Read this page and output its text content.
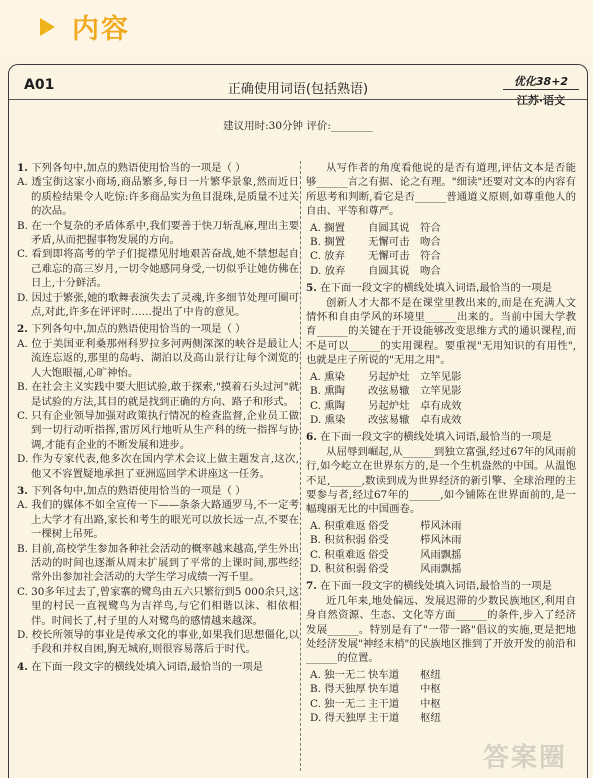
内容
A01	正确使用词语(包括熟语)
优化38+2
江苏·语文
建议用时:30分钟 评价:________
1. 下列各句中,加点的熟语使用恰当的一项是（ ）

A. 透宝街这家小商场,商品繁多,每日一片繁华景象,然而近日的质检结果令人吃惊:许多商品实为鱼目混珠,是质量不过关的次品。

B. 在一个复杂的矛盾体系中,我们要善于快刀斩乱麻,理出主要矛盾,从而把握事物发展的方向。

C. 看到即将高考的学子们捉襟见肘地艰苦奋战,她不禁想起自己难忘的高三岁月,一切令她感同身受,一切似乎让她仿佛在日上,十分鲜活。

D. 因过于繁张,她的歌舞表演失去了灵魂,许多细节处理可圈可点,对此,许多在评评时……提出了中肯的意见。

2. 下列各句中,加点的熟语使用恰当的一项是（ ）

A. 位于美国亚利桑那州科罗拉多河两侧深深的峡谷是最让人流连忘返的,那里的岛屿、湖泊以及高山景行让每个浏览的人大饱眼福,心旷神怡。

B. 在社会主义实践中要大胆试验,敢于探索,"摸着石头过河"就是试验的方法,其目的就是找到正确的方向、路子和形式。

C. 只有企业领导加强对政策执行情况的检查监督,企业员工做到一切行动听指挥,雷厉风行地听从生产科的统一指挥与协调,才能有企业的不断发展和进步。

D. 作为专家代表,他多次在国内学术会议上做主题发言,这次,他又不容置疑地承担了亚洲巡回学术讲座这一任务。

3. 下列各句中,加点的熟语使用恰当的一项是（ ）

A. 我们的媒体不如全宣传一下——条条大路通罗马,不一定考上大学才有出路,家长和考生的眼光可以放长远一点,不要在一棵树上吊死。

B. 目前,高校学生参加各种社会活动的概率越来越高,学生外出活动的时间也逐渐从周末扩展到了平常的上课时间,那些经常外出参加社会活动的大学生学习成绩一泻千里。

C. 30多年过去了,曾家寨的鹭鸟由五六只繁衍到5 000余只,这里的村民一直视鹭鸟为吉祥鸟,与它们相谐以沫、相依相伴。时间长了,村子里的人对鹭鸟的感情越来越深。

D. 校长所领导的事业是传承文化的事业,如果我们思想僵化,以手段和并权自困,胸无城府,则很容易落后于时代。

4. 在下面一段文字的横线处填入词语,最恰当的一项是

从写作者的角度看他说的是否有道理,评估文本是否能够______言之有据、论之有理。"细读"还要对文本的内容有所思考和判断,看它是否______普通道义原则,如尊重他人的自由、平等和尊严。

A. 搁置 自圆其说 符合

B. 搁置 无懈可击 吻合

C. 放弃 无懈可击 符合

D. 放弃 自圆其说 吻合

5. 在下面一段文字的横线处填入词语,最恰当的一项是

创新人才大都不是在课堂里教出来的,而是在充满人文情怀和自由学风的环境里______出来的。当前中国大学教育______的关键在于开设能够改变思维方式的通识课程,而不是可以______的实用课程。要重视"无用知识的有用性",也就是庄子所说的"无用之用"。

A. 熏染 另起炉灶 立竿见影

B. 熏陶 改弦易辙 立竿见影

C. 熏陶 另起炉灶 卓有成效

D. 熏染 改弦易辙 卓有成效

6. 在下面一段文字的横线处填入词语,最恰当的一项是

从屈辱到崛起,从______到独立富强,经过67年的风雨前行,如今屹立在世界东方的,是一个生机盎然的中国。从温饱不足,______,数读到成为世界经济的新引擎、全球治理的主要参与者,经过67年的______,如今铺陈在世界面前的,是一幅瑰丽无比的中国画卷。

A. 积重难返 俗受	栉风沐雨

B. 积贫积弱 俗受	栉风沐雨

C. 积重难返 俗受	风雨飘摇

D. 积贫积弱 俗受	风雨飘摇

7. 在下面一段文字的横线处填入词语,最恰当的一项是

近几年来,地处偏远、发展迟滞的少数民族地区,利用自身自然资源、生态、文化等方面______的条件,步入了经济发展______。特别是有了"一带一路"倡议的实施,更是把地处经济发展"神经末梢"的民族地区推到了开放开发的前沿和______的位置。

A. 独一无二 快车道 枢纽

B. 得天独厚 快车道 中枢

C. 独一无二 主干道 中枢

D. 得天独厚 主干道 枢纽

答案圈
